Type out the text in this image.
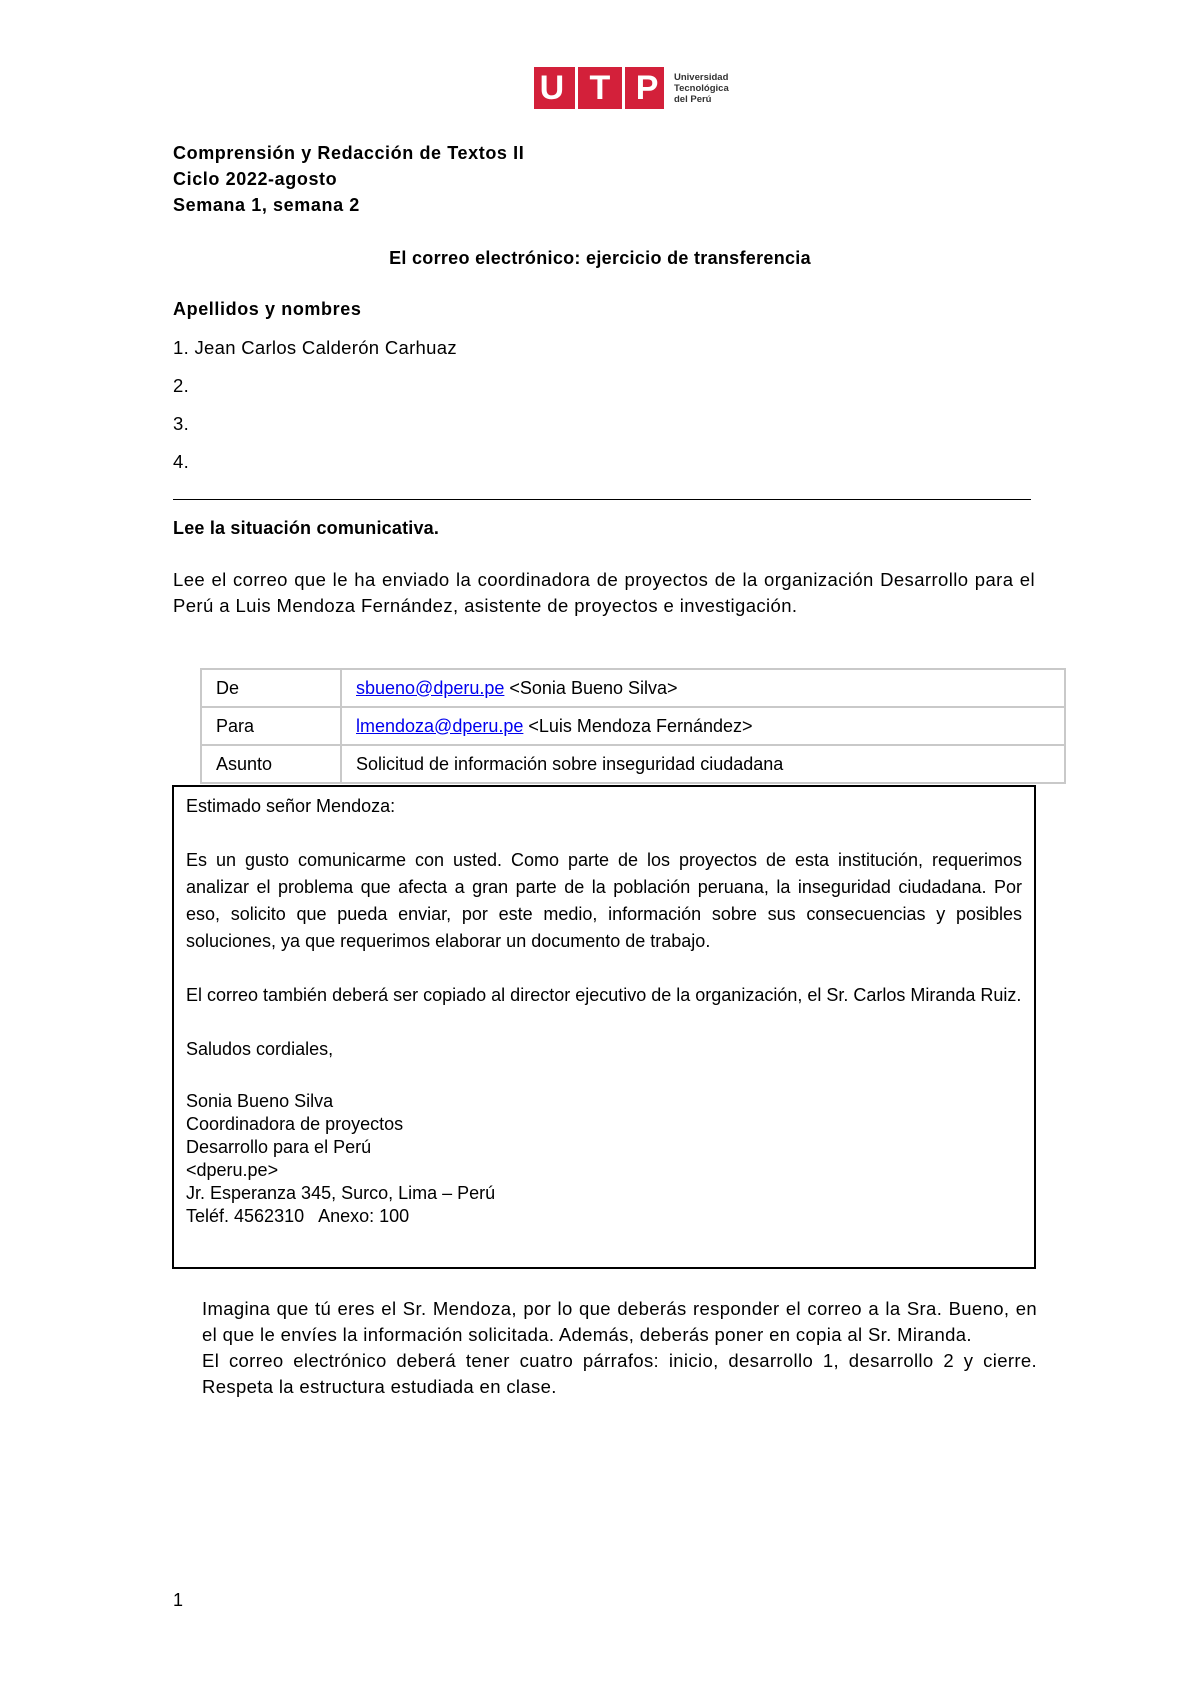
U T P Universidad
Tecnológica
del Perú
Comprensión y Redacción de Textos II
Ciclo 2022-agosto
Semana 1, semana 2
El correo electrónico: ejercicio de transferencia
Apellidos y nombres
1. Jean Carlos Calderón Carhuaz
2.
3.
4.
Lee la situación comunicativa.
Lee el correo que le ha enviado la coordinadora de proyectos de la organización Desarrollo para el Perú a Luis Mendoza Fernández, asistente de proyectos e investigación.
De	sbueno@dperu.pe <Sonia Bueno Silva>
Para	lmendoza@dperu.pe <Luis Mendoza Fernández>
Asunto	Solicitud de información sobre inseguridad ciudadana

Estimado señor Mendoza:

Es un gusto comunicarme con usted. Como parte de los proyectos de esta institución, requerimos analizar el problema que afecta a gran parte de la población peruana, la inseguridad ciudadana. Por eso, solicito que pueda enviar, por este medio, información sobre sus consecuencias y posibles soluciones, ya que requerimos elaborar un documento de trabajo.

El correo también deberá ser copiado al director ejecutivo de la organización, el Sr. Carlos Miranda Ruiz.

Saludos cordiales,

Sonia Bueno Silva
Coordinadora de proyectos
Desarrollo para el Perú
<dperu.pe>
Jr. Esperanza 345, Surco, Lima – Perú
Teléf. 4562310   Anexo: 100

Imagina que tú eres el Sr. Mendoza, por lo que deberás responder el correo a la Sra. Bueno, en el que le envíes la información solicitada. Además, deberás poner en copia al Sr. Miranda.

El correo electrónico deberá tener cuatro párrafos: inicio, desarrollo 1, desarrollo 2 y cierre. Respeta la estructura estudiada en clase.

1
